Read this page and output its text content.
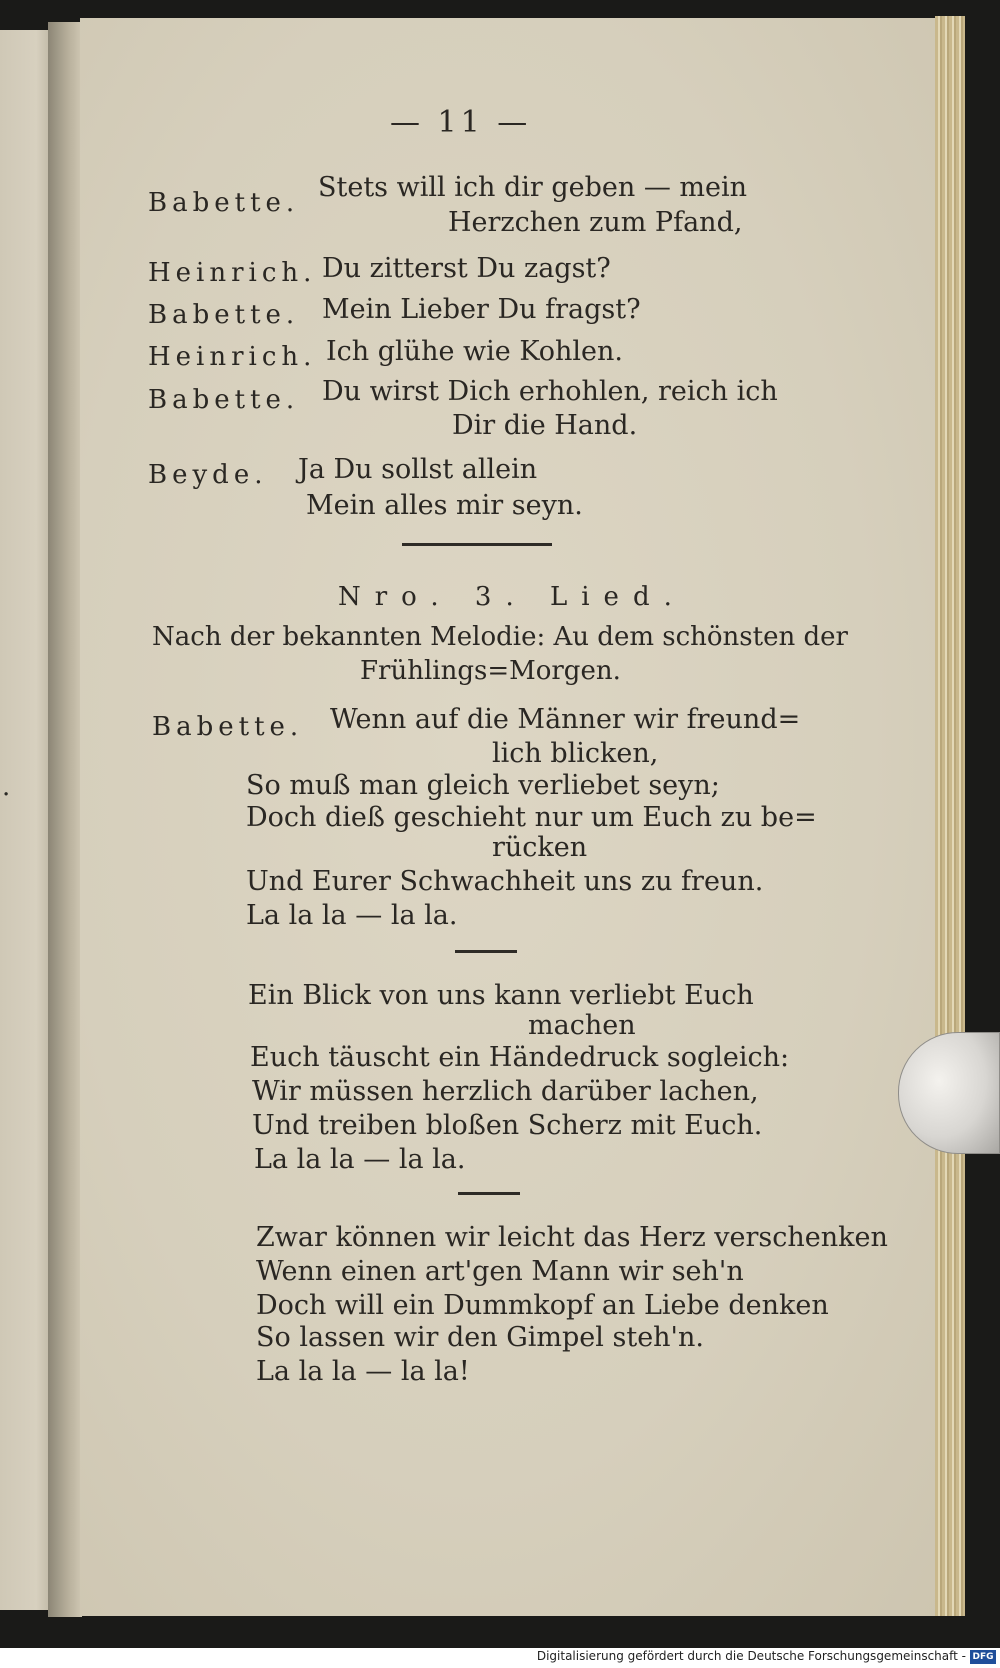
·
— 11 —
Babette. Stets will ich dir geben — mein
Herzchen zum Pfand,
Heinrich. Du zitterst Du zagst?
Babette. Mein Lieber Du fragst?
Heinrich. Ich glühe wie Kohlen.
Babette. Du wirst Dich erhohlen, reich ich
Dir die Hand.
Beyde. Ja Du sollst allein
Mein alles mir seyn.
Nro. 3. Lied.
Nach der bekannten Melodie: Au dem schönsten der
Frühlings=Morgen.
Babette. Wenn auf die Männer wir freund=
lich blicken,
So muß man gleich verliebet seyn;
Doch dieß geschieht nur um Euch zu be=
rücken
Und Eurer Schwachheit uns zu freun.
La la la — la la.
Ein Blick von uns kann verliebt Euch
machen
Euch täuscht ein Händedruck sogleich:
Wir müssen herzlich darüber lachen,
Und treiben bloßen Scherz mit Euch.
La la la — la la.
Zwar können wir leicht das Herz verschenken
Wenn einen art'gen Mann wir seh'n
Doch will ein Dummkopf an Liebe denken
So lassen wir den Gimpel steh'n.
La la la — la la!
Digitalisierung gefördert durch die Deutsche Forschungsgemeinschaft - DFG
